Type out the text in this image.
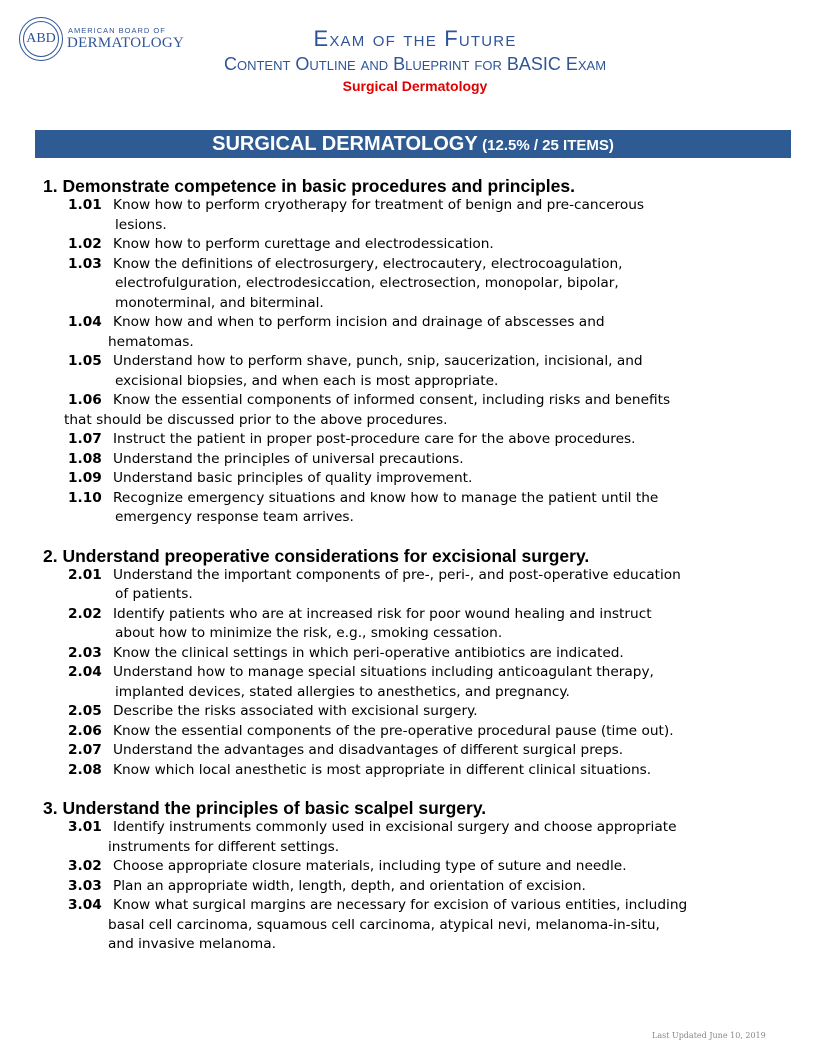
ABD
AMERICAN BOARD OF
DERMATOLOGY	Exam of the Future
Content Outline and Blueprint for BASIC Exam
Surgical Dermatology
SURGICAL DERMATOLOGY (12.5% / 25 ITEMS)
1. Demonstrate competence in basic procedures and principles.
1.01 Know how to perform cryotherapy for treatment of benign and pre-cancerous
lesions.
1.02 Know how to perform curettage and electrodessication.
1.03 Know the definitions of electrosurgery, electrocautery, electrocoagulation,
electrofulguration, electrodesiccation, electrosection, monopolar, bipolar,
monoterminal, and biterminal.
1.04 Know how and when to perform incision and drainage of abscesses and
hematomas.
1.05 Understand how to perform shave, punch, snip, saucerization, incisional, and
excisional biopsies, and when each is most appropriate.
1.06 Know the essential components of informed consent, including risks and benefits
that should be discussed prior to the above procedures.
1.07 Instruct the patient in proper post-procedure care for the above procedures.
1.08 Understand the principles of universal precautions.
1.09 Understand basic principles of quality improvement.
1.10 Recognize emergency situations and know how to manage the patient until the
emergency response team arrives.
2. Understand preoperative considerations for excisional surgery.
2.01 Understand the important components of pre-, peri-, and post-operative education
of patients.
2.02 Identify patients who are at increased risk for poor wound healing and instruct
about how to minimize the risk, e.g., smoking cessation.
2.03 Know the clinical settings in which peri-operative antibiotics are indicated.
2.04 Understand how to manage special situations including anticoagulant therapy,
implanted devices, stated allergies to anesthetics, and pregnancy.
2.05 Describe the risks associated with excisional surgery.
2.06 Know the essential components of the pre-operative procedural pause (time out).
2.07 Understand the advantages and disadvantages of different surgical preps.
2.08 Know which local anesthetic is most appropriate in different clinical situations.
3. Understand the principles of basic scalpel surgery.
3.01 Identify instruments commonly used in excisional surgery and choose appropriate
instruments for different settings.
3.02 Choose appropriate closure materials, including type of suture and needle.
3.03 Plan an appropriate width, length, depth, and orientation of excision.
3.04 Know what surgical margins are necessary for excision of various entities, including
basal cell carcinoma, squamous cell carcinoma, atypical nevi, melanoma-in-situ,
and invasive melanoma.
Last Updated June 10, 2019
